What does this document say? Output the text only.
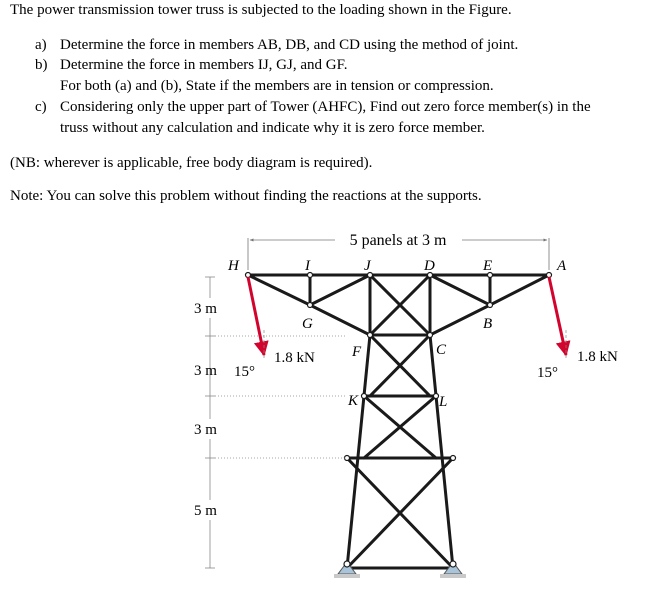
The power transmission tower truss is subjected to the loading shown in the Figure.
a) Determine the force in members AB, DB, and CD using the method of joint.
b) Determine the force in members IJ, GJ, and GF.
For both (a) and (b), State if the members are in tension or compression.
c) Considering only the upper part of Tower (AHFC), Find out zero force member(s) in the
truss without any calculation and indicate why it is zero force member.
(NB: wherever is applicable, free body diagram is required).
Note: You can solve this problem without finding the reactions at the supports.
5 panels at 3 m
H	I	J	D	E	A
G	B
F	C
K	L
3 m
3 m
3 m
5 m
1.8 kN
15°
1.8 kN
15°
